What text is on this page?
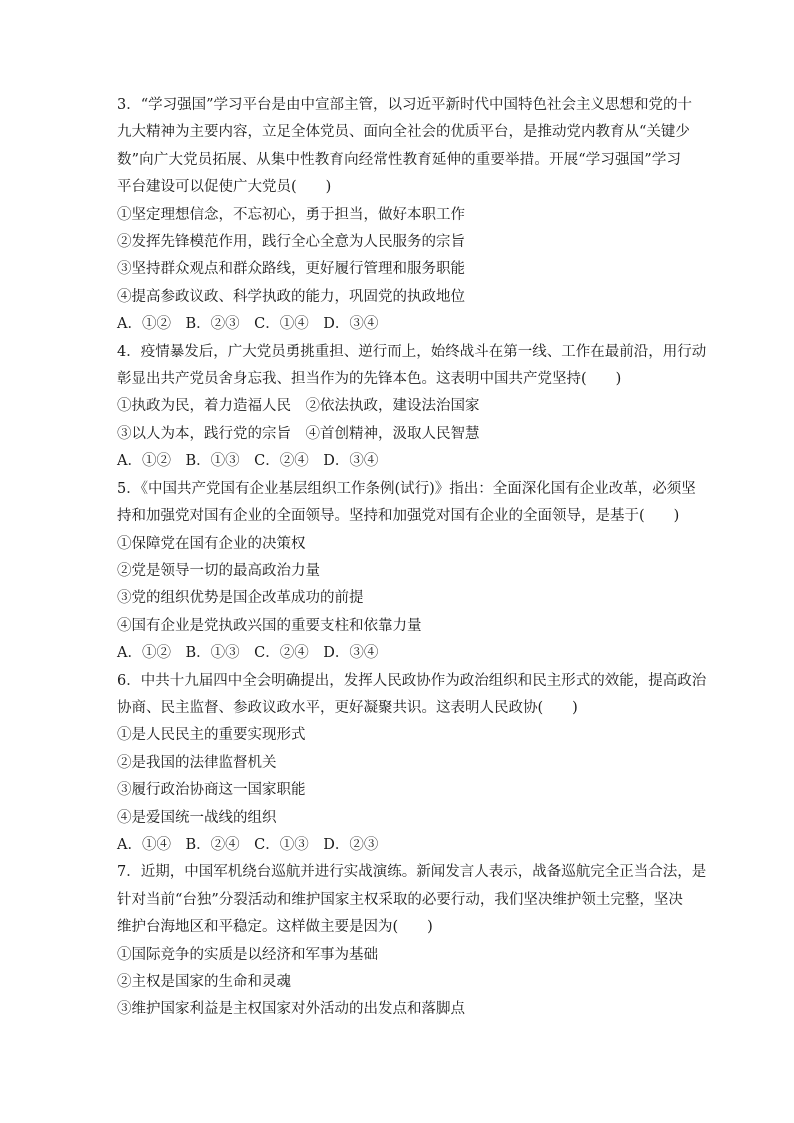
3．“学习强国”学习平台是由中宣部主管，以习近平新时代中国特色社会主义思想和党的十
九大精神为主要内容，立足全体党员、面向全社会的优质平台，是推动党内教育从“关键少
数”向广大党员拓展、从集中性教育向经常性教育延伸的重要举措。开展“学习强国”学习
平台建设可以促使广大党员(　　)

①坚定理想信念，不忘初心，勇于担当，做好本职工作

②发挥先锋模范作用，践行全心全意为人民服务的宗旨

③坚持群众观点和群众路线，更好履行管理和服务职能

④提高参政议政、科学执政的能力，巩固党的执政地位

A．①②　B．②③　C．①④　D．③④

4．疫情暴发后，广大党员勇挑重担、逆行而上，始终战斗在第一线、工作在最前沿，用行动
彰显出共产党员舍身忘我、担当作为的先锋本色。这表明中国共产党坚持(　　)

①执政为民，着力造福人民　②依法执政，建设法治国家

③以人为本，践行党的宗旨　④首创精神，汲取人民智慧

A．①②　B．①③　C．②④　D．③④

5．《中国共产党国有企业基层组织工作条例(试行)》指出：全面深化国有企业改革，必须坚
持和加强党对国有企业的全面领导。坚持和加强党对国有企业的全面领导，是基于(　　)

①保障党在国有企业的决策权

②党是领导一切的最高政治力量

③党的组织优势是国企改革成功的前提

④国有企业是党执政兴国的重要支柱和依靠力量

A．①②　B．①③　C．②④　D．③④

6．中共十九届四中全会明确提出，发挥人民政协作为政治组织和民主形式的效能，提高政治
协商、民主监督、参政议政水平，更好凝聚共识。这表明人民政协(　　)

①是人民民主的重要实现形式

②是我国的法律监督机关

③履行政治协商这一国家职能

④是爱国统一战线的组织

A．①④　B．②④　C．①③　D．②③

7．近期，中国军机绕台巡航并进行实战演练。新闻发言人表示，战备巡航完全正当合法，是
针对当前“台独”分裂活动和维护国家主权采取的必要行动，我们坚决维护领土完整，坚决
维护台海地区和平稳定。这样做主要是因为(　　)

①国际竞争的实质是以经济和军事为基础

②主权是国家的生命和灵魂

③维护国家利益是主权国家对外活动的出发点和落脚点
